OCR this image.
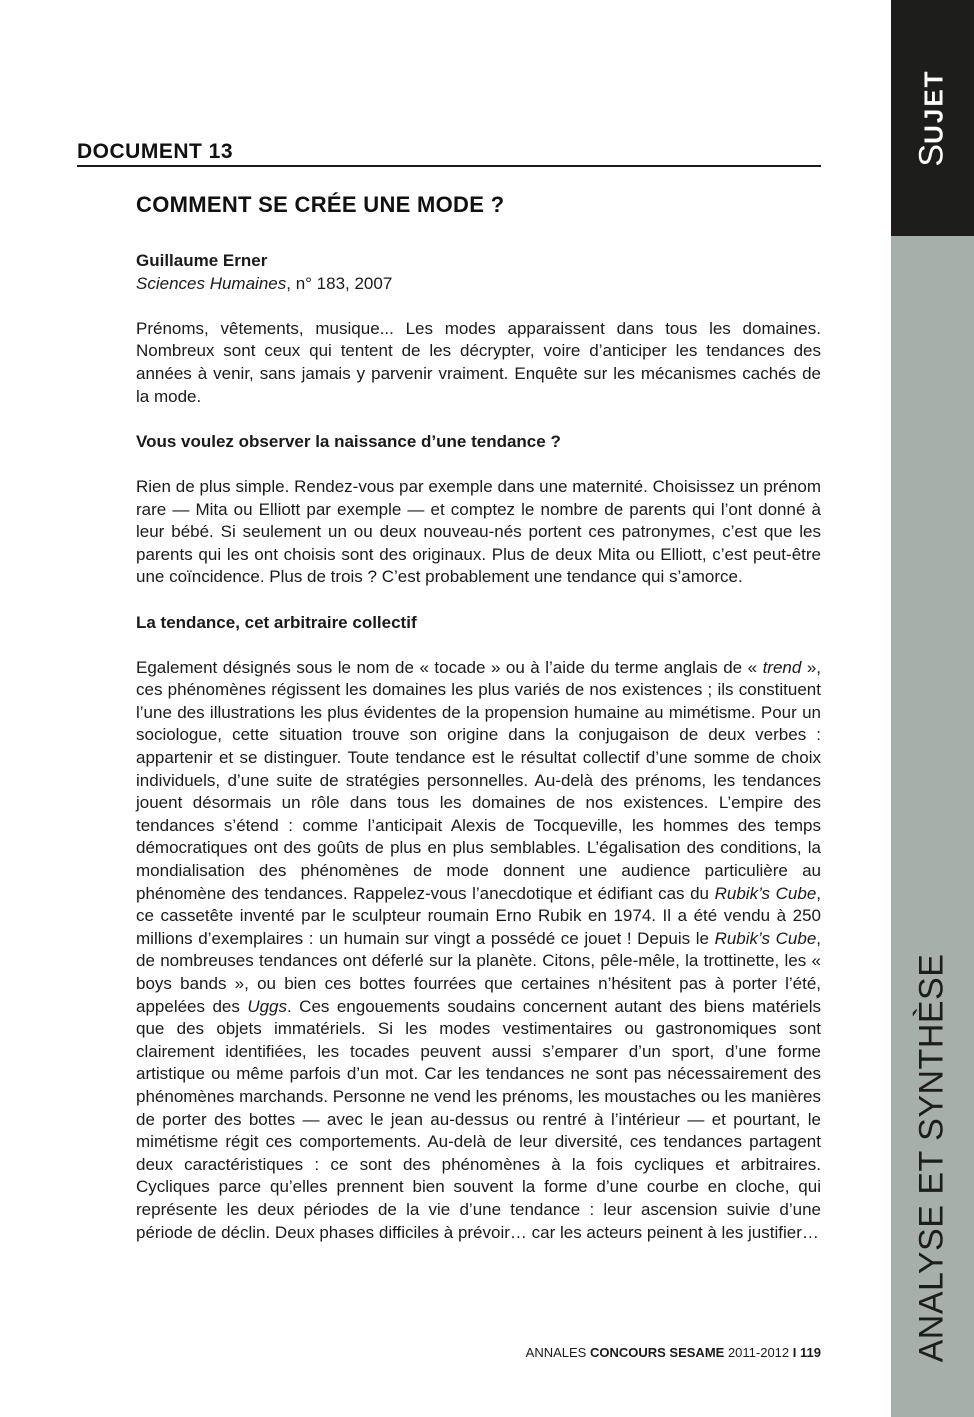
SUJET
ANALYSE ET SYNTHÈSE
DOCUMENT 13
COMMENT SE CRÉE UNE MODE ?

Guillaume Erner

Sciences Humaines, n° 183, 2007

Prénoms, vêtements, musique... Les modes apparaissent dans tous les domaines. Nombreux sont ceux qui tentent de les décrypter, voire d’anticiper les tendances des années à venir, sans jamais y parvenir vraiment. Enquête sur les mécanismes cachés de la mode.

Vous voulez observer la naissance d’une tendance ?

Rien de plus simple. Rendez-vous par exemple dans une maternité. Choisissez un prénom rare — Mita ou Elliott par exemple — et comptez le nombre de parents qui l’ont donné à leur bébé. Si seulement un ou deux nouveau-nés portent ces patronymes, c’est que les parents qui les ont choisis sont des originaux. Plus de deux Mita ou Elliott, c’est peut-être une coïncidence. Plus de trois ? C’est probablement une tendance qui s’amorce.

La tendance, cet arbitraire collectif

Egalement désignés sous le nom de « tocade » ou à l’aide du terme anglais de « trend », ces phénomènes régissent les domaines les plus variés de nos existences ; ils constituent l’une des illustrations les plus évidentes de la propension humaine au mimétisme. Pour un sociologue, cette situation trouve son origine dans la conjugaison de deux verbes : appartenir et se distinguer. Toute tendance est le résultat collectif d’une somme de choix individuels, d’une suite de stratégies personnelles. Au-delà des prénoms, les tendances jouent désormais un rôle dans tous les domaines de nos existences. L’empire des tendances s’étend : comme l’anticipait Alexis de Tocqueville, les hommes des temps démocratiques ont des goûts de plus en plus semblables. L’égalisation des conditions, la mondialisation des phénomènes de mode donnent une audience particulière au phénomène des tendances. Rappelez-vous l’anecdotique et édifiant cas du Rubik’s Cube, ce cassetête inventé par le sculpteur roumain Erno Rubik en 1974. Il a été vendu à 250 millions d’exemplaires : un humain sur vingt a possédé ce jouet ! Depuis le Rubik’s Cube, de nombreuses tendances ont déferlé sur la planète. Citons, pêle-mêle, la trottinette, les « boys bands », ou bien ces bottes fourrées que certaines n’hésitent pas à porter l’été, appelées des Uggs. Ces engouements soudains concernent autant des biens matériels que des objets immatériels. Si les modes vestimentaires ou gastronomiques sont clairement identifiées, les tocades peuvent aussi s’emparer d’un sport, d’une forme artistique ou même parfois d’un mot. Car les tendances ne sont pas nécessairement des phénomènes marchands. Personne ne vend les prénoms, les moustaches ou les manières de porter des bottes — avec le jean au-dessus ou rentré à l’intérieur — et pourtant, le mimétisme régit ces comportements. Au-delà de leur diversité, ces tendances partagent deux caractéristiques : ce sont des phénomènes à la fois cycliques et arbitraires. Cycliques parce qu’elles prennent bien souvent la forme d’une courbe en cloche, qui représente les deux périodes de la vie d’une tendance : leur ascension suivie d’une période de déclin. Deux phases difficiles à prévoir… car les acteurs peinent à les justifier…

ANNALES CONCOURS SESAME 2011-2012 I 119
